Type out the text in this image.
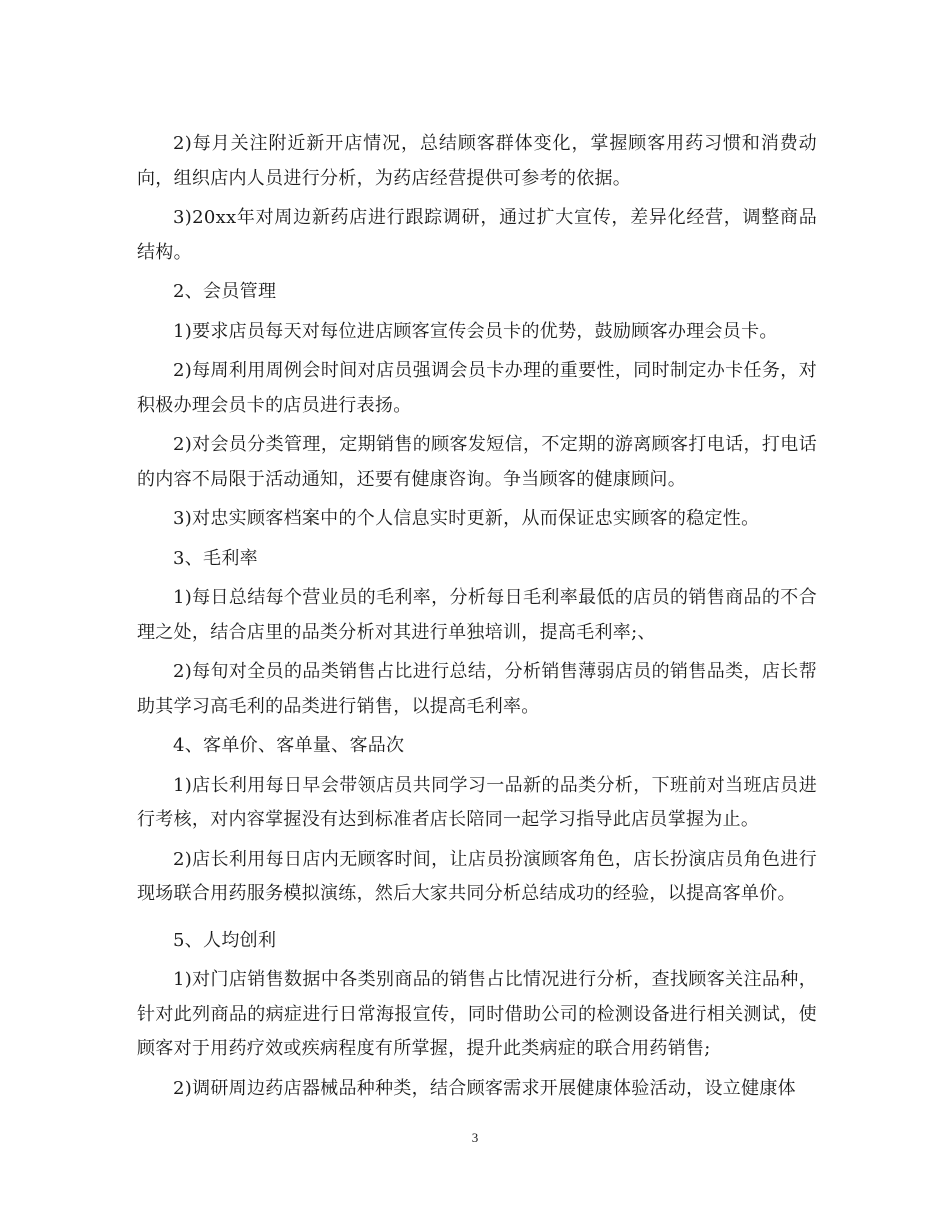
2)每月关注附近新开店情况，总结顾客群体变化，掌握顾客用药习惯和消费动向，组织店内人员进行分析，为药店经营提供可参考的依据。

3)20xx年对周边新药店进行跟踪调研，通过扩大宣传，差异化经营，调整商品结构。

2、会员管理

1)要求店员每天对每位进店顾客宣传会员卡的优势，鼓励顾客办理会员卡。

2)每周利用周例会时间对店员强调会员卡办理的重要性，同时制定办卡任务，对积极办理会员卡的店员进行表扬。

2)对会员分类管理，定期销售的顾客发短信，不定期的游离顾客打电话，打电话的内容不局限于活动通知，还要有健康咨询。争当顾客的健康顾问。

3)对忠实顾客档案中的个人信息实时更新，从而保证忠实顾客的稳定性。

3、毛利率

1)每日总结每个营业员的毛利率，分析每日毛利率最低的店员的销售商品的不合理之处，结合店里的品类分析对其进行单独培训，提高毛利率;、

2)每旬对全员的品类销售占比进行总结，分析销售薄弱店员的销售品类，店长帮助其学习高毛利的品类进行销售，以提高毛利率。

4、客单价、客单量、客品次

1)店长利用每日早会带领店员共同学习一品新的品类分析，下班前对当班店员进行考核，对内容掌握没有达到标准者店长陪同一起学习指导此店员掌握为止。

2)店长利用每日店内无顾客时间，让店员扮演顾客角色，店长扮演店员角色进行现场联合用药服务模拟演练，然后大家共同分析总结成功的经验，以提高客单价。

5、人均创利

1)对门店销售数据中各类别商品的销售占比情况进行分析，查找顾客关注品种，针对此列商品的病症进行日常海报宣传，同时借助公司的检测设备进行相关测试，使顾客对于用药疗效或疾病程度有所掌握，提升此类病症的联合用药销售;

2)调研周边药店器械品种种类，结合顾客需求开展健康体验活动，设立健康体

3
